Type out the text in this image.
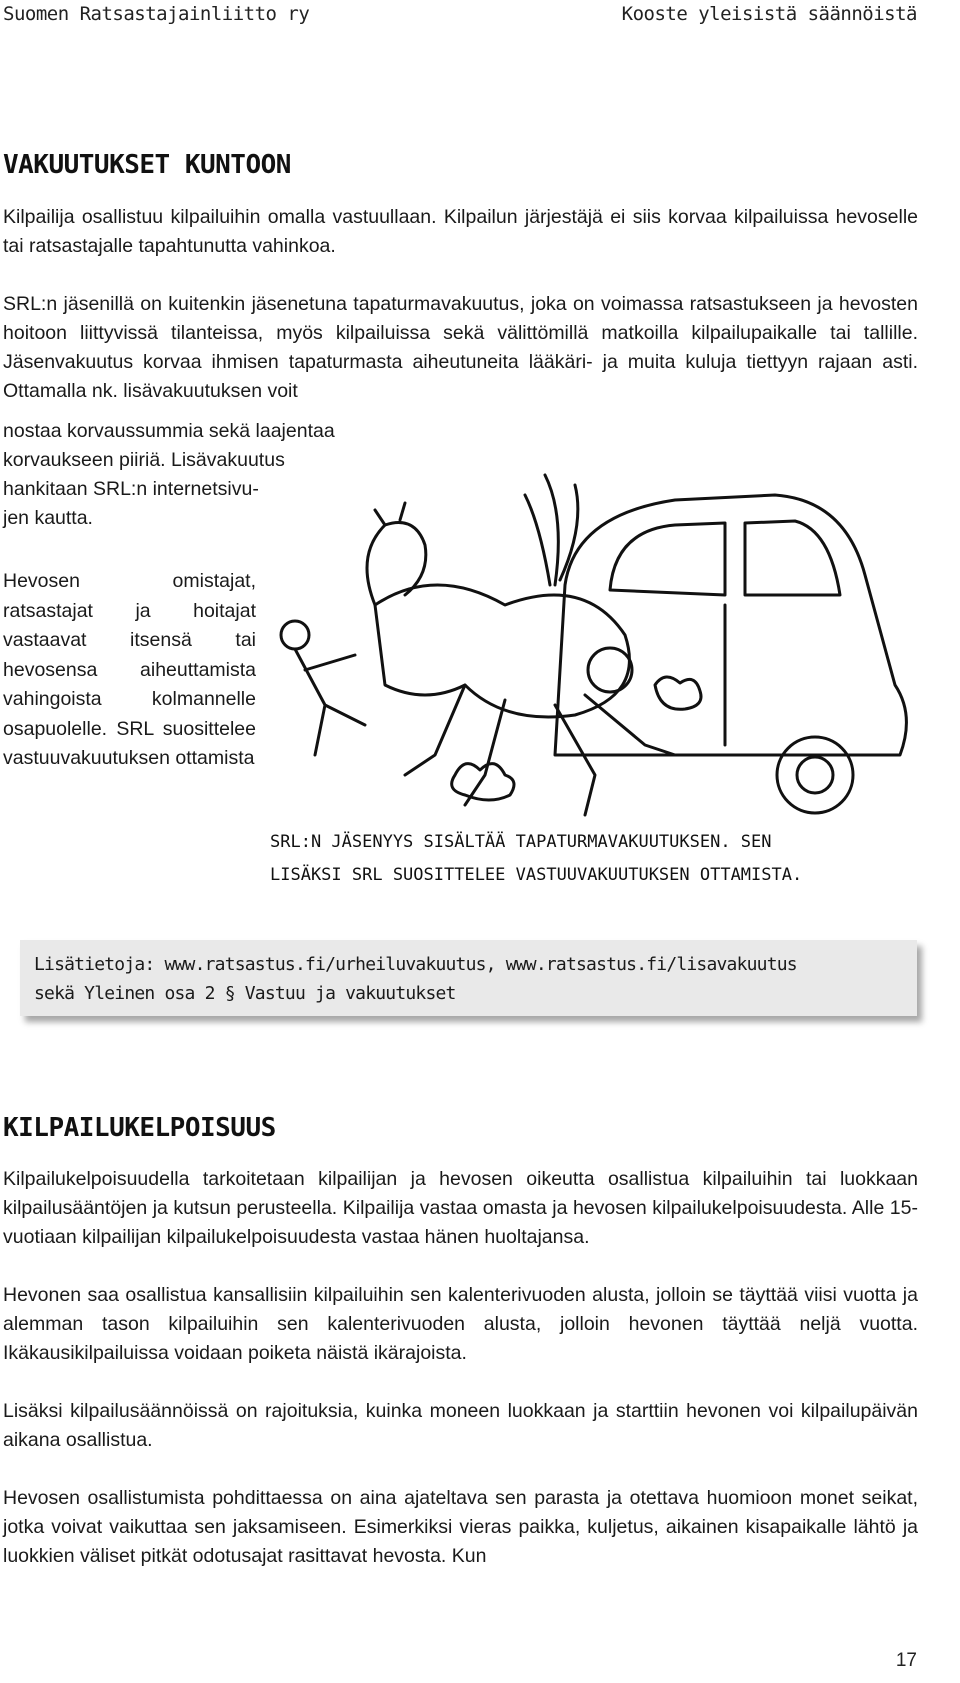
Suomen Ratsastajainliitto ry	Kooste yleisistä säännöistä
VAKUUTUKSET KUNTOON

Kilpailija osallistuu kilpailuihin omalla vastuullaan. Kilpailun järjestäjä ei siis korvaa kilpailuissa hevoselle tai ratsastajalle tapahtunutta vahinkoa.

SRL:n jäsenillä on kuitenkin jäsenetuna tapaturmavakuutus, joka on voimassa ratsastukseen ja hevosten hoitoon liittyvissä tilanteissa, myös kilpailuissa sekä välittömillä matkoilla kilpailupaikalle tai tallille. Jäsenvakuutus korvaa ihmisen tapaturmasta aiheutuneita lääkäri- ja muita kuluja tiettyyn rajaan asti. Ottamalla nk. lisävakuutuksen voit

nostaa korvaussummia sekä laajentaa
korvaukseen piiriä. Lisävakuutus
hankitaan SRL:n internetsivu-
jen kautta.

Hevosen omistajat, ratsastajat ja hoitajat vastaavat itsensä tai hevosensa aiheuttamista vahingoista kolmannelle osapuolelle. SRL suosittelee vastuuvakuutuksen ottamista

SRL:N JÄSENYYS SISÄLTÄÄ TAPATURMAVAKUUTUKSEN. SEN
LISÄKSI SRL SUOSITTELEE VASTUUVAKUUTUKSEN OTTAMISTA.

Lisätietoja: www.ratsastus.fi/urheiluvakuutus, www.ratsastus.fi/lisavakuutus

sekä Yleinen osa 2 § Vastuu ja vakuutukset

KILPAILUKELPOISUUS

Kilpailukelpoisuudella tarkoitetaan kilpailijan ja hevosen oikeutta osallistua kilpailuihin tai luokkaan kilpailusääntöjen ja kutsun perusteella. Kilpailija vastaa omasta ja hevosen kilpailukelpoisuudesta. Alle 15-vuotiaan kilpailijan kilpailukelpoisuudesta vastaa hänen huoltajansa.

Hevonen saa osallistua kansallisiin kilpailuihin sen kalenterivuoden alusta, jolloin se täyttää viisi vuotta ja alemman tason kilpailuihin sen kalenterivuoden alusta, jolloin hevonen täyttää neljä vuotta. Ikäkausikilpailuissa voidaan poiketa näistä ikärajoista.

Lisäksi kilpailusäännöissä on rajoituksia, kuinka moneen luokkaan ja starttiin hevonen voi kilpailupäivän aikana osallistua.

Hevosen osallistumista pohdittaessa on aina ajateltava sen parasta ja otettava huomioon monet seikat, jotka voivat vaikuttaa sen jaksamiseen. Esimerkiksi vieras paikka, kuljetus, aikainen kisapaikalle lähtö ja luokkien väliset pitkät odotusajat rasittavat hevosta. Kun

17
